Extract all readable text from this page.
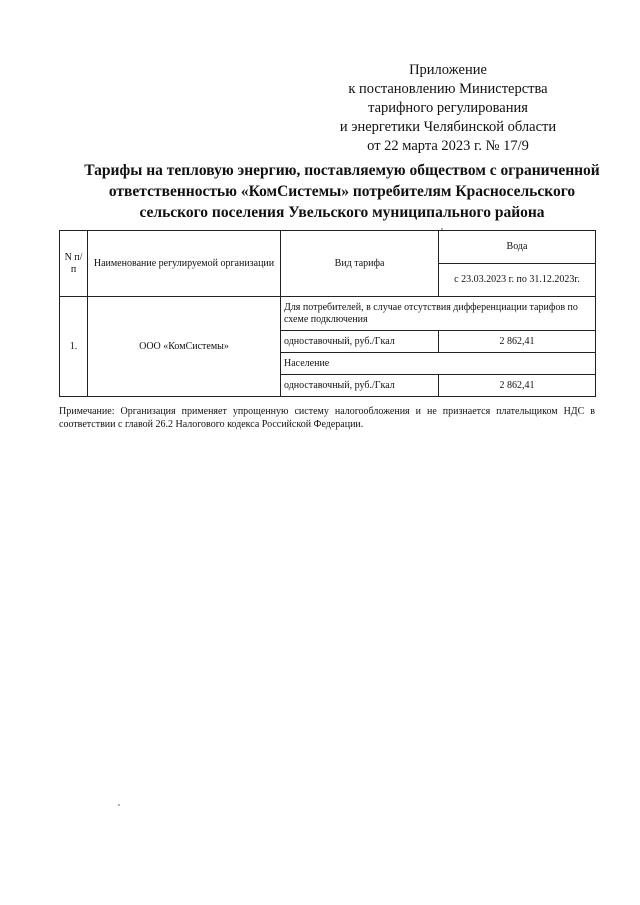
Приложение
к постановлению Министерства
тарифного регулирования
и энергетики Челябинской области
от 22 марта 2023 г. № 17/9
Тарифы на тепловую энергию, поставляемую обществом с ограниченной
ответственностью «КомСистемы» потребителям Красносельского
сельского поселения Увельского муниципального района
N п/п	Наименование регулируемой организации	Вид тарифа	Вода
			с 23.03.2023 г. по 31.12.2023г.
1.	ООО «КомСистемы»	Для потребителей, в случае отсутствия дифференциации тарифов по схеме подключения	
		одноставочный, руб./Гкал	2 862,41
		Население	
		одноставочный, руб./Гкал	2 862,41
Примечание: Организация применяет упрощенную систему налогообложения и не признается плательщиком НДС в соответствии с главой 26.2 Налогового кодекса Российской Федерации.
